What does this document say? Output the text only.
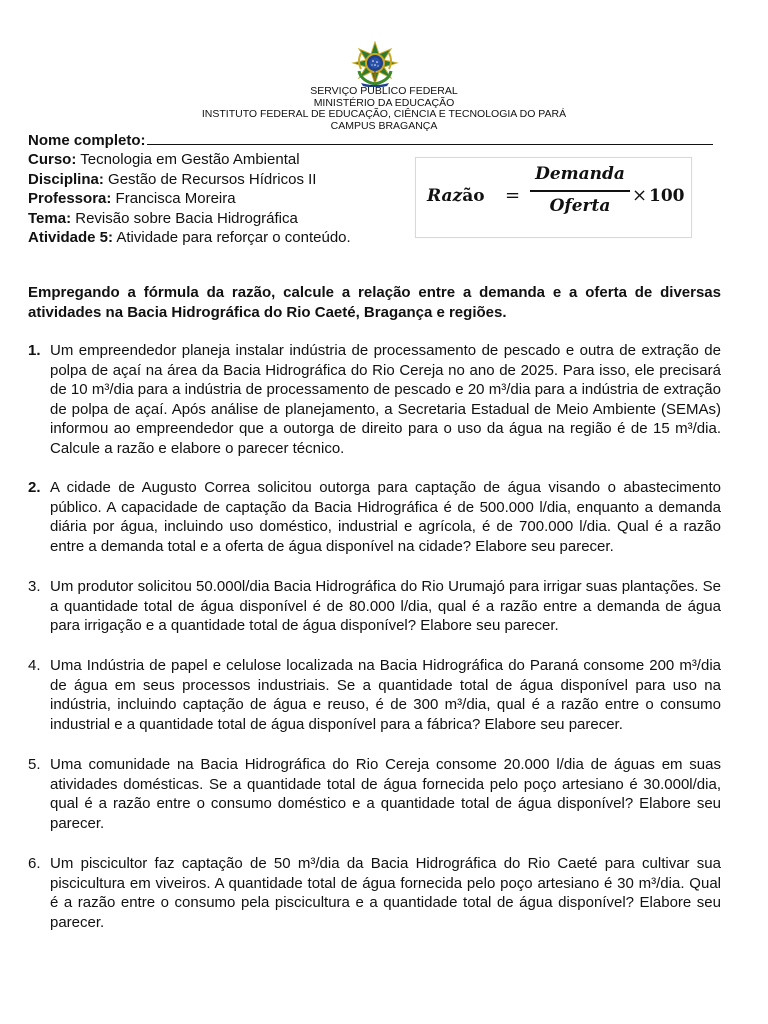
SERVIÇO PÚBLICO FEDERAL
MINISTÉRIO DA EDUCAÇÃO
INSTITUTO FEDERAL DE EDUCAÇÃO, CIÊNCIA E TECNOLOGIA DO PARÁ
CAMPUS BRAGANÇA
Nome completo:
Curso: Tecnologia em Gestão Ambiental
Disciplina: Gestão de Recursos Hídricos II
Professora: Francisca Moreira
Tema: Revisão sobre Bacia Hidrográfica
Atividade 5: Atividade para reforçar o conteúdo.
Razão =
Demanda
Oferta	× 100
Empregando a fórmula da razão, calcule a relação entre a demanda e a oferta de diversas atividades na Bacia Hidrográfica do Rio Caeté, Bragança e regiões.
1. Um empreendedor planeja instalar indústria de processamento de pescado e outra de extração de polpa de açaí na área da Bacia Hidrográfica do Rio Cereja no ano de 2025. Para isso, ele precisará de 10 m³/dia para a indústria de processamento de pescado e 20 m³/dia para a indústria de extração de polpa de açaí. Após análise de planejamento, a Secretaria Estadual de Meio Ambiente (SEMAs) informou ao empreendedor que a outorga de direito para o uso da água na região é de 15 m³/dia. Calcule a razão e elabore o parecer técnico.
2. A cidade de Augusto Correa solicitou outorga para captação de água visando o abastecimento público. A capacidade de captação da Bacia Hidrográfica é de 500.000 l/dia, enquanto a demanda diária por água, incluindo uso doméstico, industrial e agrícola, é de 700.000 l/dia. Qual é a razão entre a demanda total e a oferta de água disponível na cidade? Elabore seu parecer.
3. Um produtor solicitou 50.000l/dia Bacia Hidrográfica do Rio Urumajó para irrigar suas plantações. Se a quantidade total de água disponível é de 80.000 l/dia, qual é a razão entre a demanda de água para irrigação e a quantidade total de água disponível? Elabore seu parecer.
4. Uma Indústria de papel e celulose localizada na Bacia Hidrográfica do Paraná consome 200 m³/dia de água em seus processos industriais. Se a quantidade total de água disponível para uso na indústria, incluindo captação de água e reuso, é de 300 m³/dia, qual é a razão entre o consumo industrial e a quantidade total de água disponível para a fábrica? Elabore seu parecer.
5. Uma comunidade na Bacia Hidrográfica do Rio Cereja consome 20.000 l/dia de águas em suas atividades domésticas. Se a quantidade total de água fornecida pelo poço artesiano é 30.000l/dia, qual é a razão entre o consumo doméstico e a quantidade total de água disponível? Elabore seu parecer.
6. Um piscicultor faz captação de 50 m³/dia da Bacia Hidrográfica do Rio Caeté para cultivar sua piscicultura em viveiros. A quantidade total de água fornecida pelo poço artesiano é 30 m³/dia. Qual é a razão entre o consumo pela piscicultura e a quantidade total de água disponível? Elabore seu parecer.
